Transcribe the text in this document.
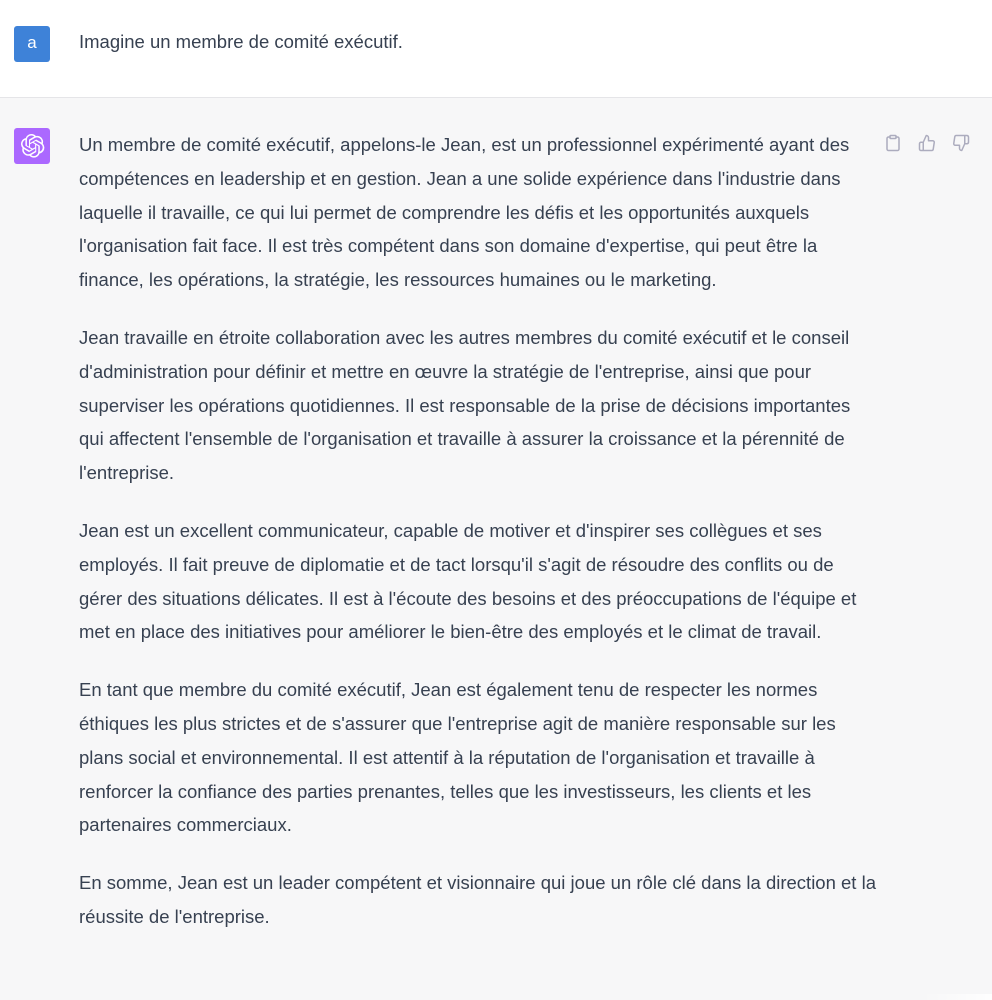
a	Imagine un membre de comité exécutif.

Un membre de comité exécutif, appelons-le Jean, est un professionnel expérimenté ayant des compétences en leadership et en gestion. Jean a une solide expérience dans l'industrie dans laquelle il travaille, ce qui lui permet de comprendre les défis et les opportunités auxquels l'organisation fait face. Il est très compétent dans son domaine d'expertise, qui peut être la finance, les opérations, la stratégie, les ressources humaines ou le marketing.

Jean travaille en étroite collaboration avec les autres membres du comité exécutif et le conseil d'administration pour définir et mettre en œuvre la stratégie de l'entreprise, ainsi que pour superviser les opérations quotidiennes. Il est responsable de la prise de décisions importantes qui affectent l'ensemble de l'organisation et travaille à assurer la croissance et la pérennité de l'entreprise.

Jean est un excellent communicateur, capable de motiver et d'inspirer ses collègues et ses employés. Il fait preuve de diplomatie et de tact lorsqu'il s'agit de résoudre des conflits ou de gérer des situations délicates. Il est à l'écoute des besoins et des préoccupations de l'équipe et met en place des initiatives pour améliorer le bien-être des employés et le climat de travail.

En tant que membre du comité exécutif, Jean est également tenu de respecter les normes éthiques les plus strictes et de s'assurer que l'entreprise agit de manière responsable sur les plans social et environnemental. Il est attentif à la réputation de l'organisation et travaille à renforcer la confiance des parties prenantes, telles que les investisseurs, les clients et les partenaires commerciaux.

En somme, Jean est un leader compétent et visionnaire qui joue un rôle clé dans la direction et la réussite de l'entreprise.
